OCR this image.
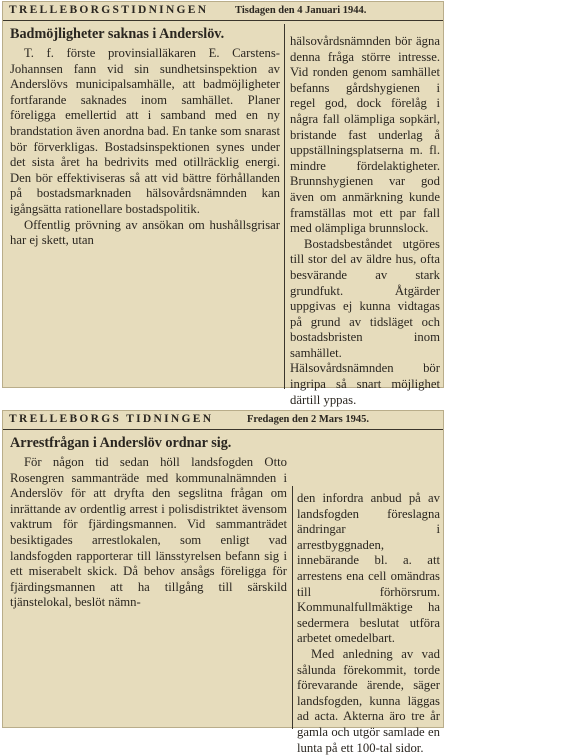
TRELLEBORGSTIDNINGEN	Tisdagen den 4 Januari 1944.
Badmöjligheter saknas i Anderslöv.

T. f. förste provinsialläkaren E. Carstens-Johannsen fann vid sin sundhetsinspektion av Anderslövs municipalsamhälle, att badmöjligheter fortfarande saknades inom samhället. Planer föreligga emellertid att i samband med en ny brandstation även anordna bad. En tanke som snarast bör förverkligas. Bostadsinspektionen synes under det sista året ha bedrivits med otillräcklig energi. Den bör effektiviseras så att vid bättre förhållanden på bostadsmarknaden hälsovårdsnämnden kan igångsätta rationellare bostadspolitik.

Offentlig prövning av ansökan om hushållsgrisar har ej skett, utan

hälsovårdsnämnden bör ägna denna fråga större intresse. Vid ronden genom samhället befanns gårdshygienen i regel god, dock förelåg i några fall olämpliga sopkärl, bristande fast underlag å uppställningsplatserna m. fl. mindre fördelaktigheter. Brunnshygienen var god även om anmärkning kunde framställas mot ett par fall med olämpliga brunnslock.

Bostadsbeståndet utgöres till stor del av äldre hus, ofta besvärande av stark grundfukt. Åtgärder uppgivas ej kunna vidtagas på grund av tidsläget och bostadsbristen inom samhället. Hälsovårdsnämnden bör ingripa så snart möjlighet därtill yppas.

TRELLEBORGS TIDNINGEN	Fredagen den 2 Mars 1945.
Arrestfrågan i Anderslöv ordnar sig.

För någon tid sedan höll landsfogden Otto Rosengren sammanträde med kommunalnämnden i Anderslöv för att dryfta den segslitna frågan om inrättande av ordentlig arrest i polisdistriktet ävensom vaktrum för fjärdingsmannen. Vid sammanträdet besiktigades arrestlokalen, som enligt vad landsfogden rapporterar till länsstyrelsen befann sig i ett miserabelt skick. Då behov ansågs föreligga för fjärdingsmannen att ha tillgång till särskild tjänstelokal, beslöt nämn-

den infordra anbud på av landsfogden föreslagna ändringar i arrestbyggnaden, innebärande bl. a. att arrestens ena cell omändras till förhörsrum. Kommunalfullmäktige ha sedermera beslutat utföra arbetet omedelbart.

Med anledning av vad sålunda förekommit, torde förevarande ärende, säger landsfogden, kunna läggas ad acta. Akterna äro tre år gamla och utgör samlade en lunta på ett 100-tal sidor.
